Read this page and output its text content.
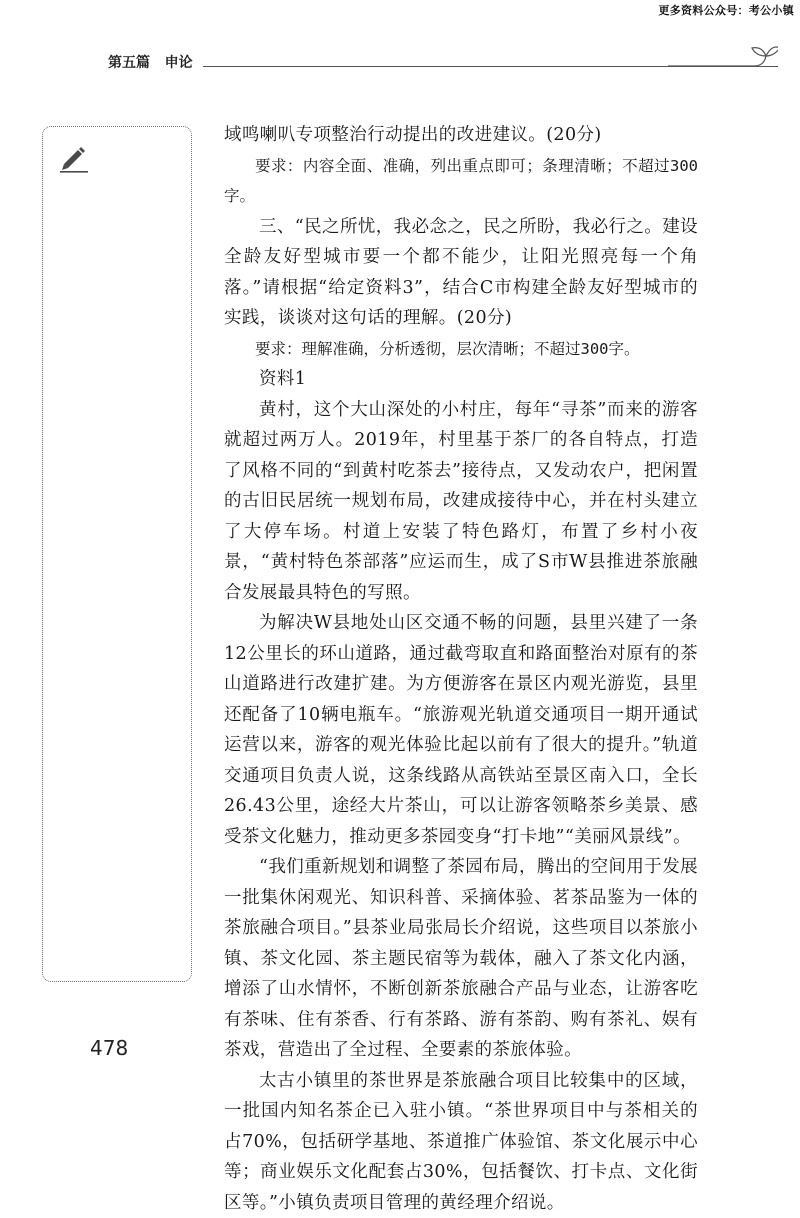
更多资料公众号：考公小镇
第五篇   申论

域鸣喇叭专项整治行动提出的改进建议。(20分)

要求：内容全面、准确，列出重点即可；条理清晰；不超过300字。

三、“民之所忧，我必念之，民之所盼，我必行之。建设全龄友好型城市要一个都不能少，让阳光照亮每一个角落。”请根据“给定资料3”，结合C市构建全龄友好型城市的实践，谈谈对这句话的理解。(20分)

要求：理解准确，分析透彻，层次清晰；不超过300字。

资料1

黄村，这个大山深处的小村庄，每年“寻茶”而来的游客就超过两万人。2019年，村里基于茶厂的各自特点，打造了风格不同的“到黄村吃茶去”接待点，又发动农户，把闲置的古旧民居统一规划布局，改建成接待中心，并在村头建立了大停车场。村道上安装了特色路灯，布置了乡村小夜景，“黄村特色茶部落”应运而生，成了S市W县推进茶旅融合发展最具特色的写照。

为解决W县地处山区交通不畅的问题，县里兴建了一条12公里长的环山道路，通过截弯取直和路面整治对原有的茶山道路进行改建扩建。为方便游客在景区内观光游览，县里还配备了10辆电瓶车。“旅游观光轨道交通项目一期开通试运营以来，游客的观光体验比起以前有了很大的提升。”轨道交通项目负责人说，这条线路从高铁站至景区南入口，全长26.43公里，途经大片茶山，可以让游客领略茶乡美景、感受茶文化魅力，推动更多茶园变身“打卡地”“美丽风景线”。

“我们重新规划和调整了茶园布局，腾出的空间用于发展一批集休闲观光、知识科普、采摘体验、茗茶品鉴为一体的茶旅融合项目。”县茶业局张局长介绍说，这些项目以茶旅小镇、茶文化园、茶主题民宿等为载体，融入了茶文化内涵，增添了山水情怀，不断创新茶旅融合产品与业态，让游客吃有茶味、住有茶香、行有茶路、游有茶韵、购有茶礼、娱有茶戏，营造出了全过程、全要素的茶旅体验。

太古小镇里的茶世界是茶旅融合项目比较集中的区域，一批国内知名茶企已入驻小镇。“茶世界项目中与茶相关的占70%，包括研学基地、茶道推广体验馆、茶文化展示中心等；商业娱乐文化配套占30%，包括餐饮、打卡点、文化街区等。”小镇负责项目管理的黄经理介绍说。

478
